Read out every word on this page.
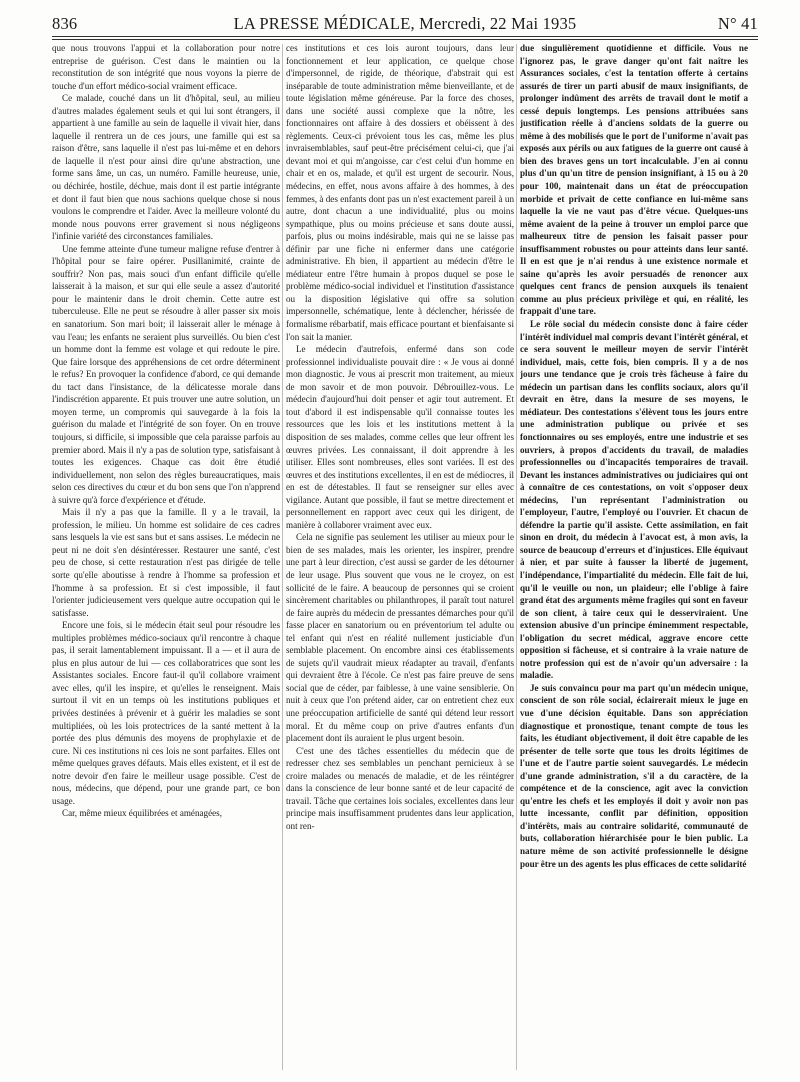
836	LA PRESSE MÉDICALE, Mercredi, 22 Mai 1935	N° 41

que nous trouvons l'appui et la collaboration pour notre entreprise de guérison. C'est dans le maintien ou la reconstitution de son intégrité que nous voyons la pierre de touche d'un effort médico-social vraiment efficace.

Ce malade, couché dans un lit d'hôpital, seul, au milieu d'autres malades également seuls et qui lui sont étrangers, il appartient à une famille au sein de laquelle il vivait hier, dans laquelle il rentrera un de ces jours, une famille qui est sa raison d'être, sans laquelle il n'est pas lui-même et en dehors de laquelle il n'est pour ainsi dire qu'une abstraction, une forme sans âme, un cas, un numéro. Famille heureuse, unie, ou déchirée, hostile, déchue, mais dont il est partie intégrante et dont il faut bien que nous sachions quelque chose si nous voulons le comprendre et l'aider. Avec la meilleure volonté du monde nous pouvons errer gravement si nous négligeons l'infinie variété des circonstances familiales.

Une femme atteinte d'une tumeur maligne refuse d'entrer à l'hôpital pour se faire opérer. Pusillanimité, crainte de souffrir? Non pas, mais souci d'un enfant difficile qu'elle laisserait à la maison, et sur qui elle seule a assez d'autorité pour le maintenir dans le droit chemin. Cette autre est tuberculeuse. Elle ne peut se résoudre à aller passer six mois en sanatorium. Son mari boit; il laisserait aller le ménage à vau l'eau; les enfants ne seraient plus surveillés. Ou bien c'est un homme dont la femme est volage et qui redoute le pire. Que faire lorsque des appréhensions de cet ordre déterminent le refus? En provoquer la confidence d'abord, ce qui demande du tact dans l'insistance, de la délicatesse morale dans l'indiscrétion apparente. Et puis trouver une autre solution, un moyen terme, un compromis qui sauvegarde à la fois la guérison du malade et l'intégrité de son foyer. On en trouve toujours, si difficile, si impossible que cela paraisse parfois au premier abord. Mais il n'y a pas de solution type, satisfaisant à toutes les exigences. Chaque cas doit être étudié individuellement, non selon des règles bureaucratiques, mais selon ces directives du cœur et du bon sens que l'on n'apprend à suivre qu'à force d'expérience et d'étude.

Mais il n'y a pas que la famille. Il y a le travail, la profession, le milieu. Un homme est solidaire de ces cadres sans lesquels la vie est sans but et sans assises. Le médecin ne peut ni ne doit s'en désintéresser. Restaurer une santé, c'est peu de chose, si cette restauration n'est pas dirigée de telle sorte qu'elle aboutisse à rendre à l'homme sa profession et l'homme à sa profession. Et si c'est impossible, il faut l'orienter judicieusement vers quelque autre occupation qui le satisfasse.

Encore une fois, si le médecin était seul pour résoudre les multiples problèmes médico-sociaux qu'il rencontre à chaque pas, il serait lamentablement impuissant. Il a — et il aura de plus en plus autour de lui — ces collaboratrices que sont les Assistantes sociales. Encore faut-il qu'il collabore vraiment avec elles, qu'il les inspire, et qu'elles le renseignent. Mais surtout il vit en un temps où les institutions publiques et privées destinées à prévenir et à guérir les maladies se sont multipliées, où les lois protectrices de la santé mettent à la portée des plus démunis des moyens de prophylaxie et de cure. Ni ces institutions ni ces lois ne sont parfaites. Elles ont même quelques graves défauts. Mais elles existent, et il est de notre devoir d'en faire le meilleur usage possible. C'est de nous, médecins, que dépend, pour une grande part, ce bon usage.

Car, même mieux équilibrées et aménagées,

ces institutions et ces lois auront toujours, dans leur fonctionnement et leur application, ce quelque chose d'impersonnel, de rigide, de théorique, d'abstrait qui est inséparable de toute administration même bienveillante, et de toute législation même généreuse. Par la force des choses, dans une société aussi complexe que la nôtre, les fonctionnaires ont affaire à des dossiers et obéissent à des règlements. Ceux-ci prévoient tous les cas, même les plus invraisemblables, sauf peut-être précisément celui-ci, que j'ai devant moi et qui m'angoisse, car c'est celui d'un homme en chair et en os, malade, et qu'il est urgent de secourir. Nous, médecins, en effet, nous avons affaire à des hommes, à des femmes, à des enfants dont pas un n'est exactement pareil à un autre, dont chacun a une individualité, plus ou moins sympathique, plus ou moins précieuse et sans doute aussi, parfois, plus ou moins indésirable, mais qui ne se laisse pas définir par une fiche ni enfermer dans une catégorie administrative. Eh bien, il appartient au médecin d'être le médiateur entre l'être humain à propos duquel se pose le problème médico-social individuel et l'institution d'assistance ou la disposition législative qui offre sa solution impersonnelle, schématique, lente à déclencher, hérissée de formalisme rébarbatif, mais efficace pourtant et bienfaisante si l'on sait la manier.

Le médecin d'autrefois, enfermé dans son code professionnel individualiste pouvait dire : « Je vous ai donné mon diagnostic. Je vous ai prescrit mon traitement, au mieux de mon savoir et de mon pouvoir. Débrouillez-vous. Le médecin d'aujourd'hui doit penser et agir tout autrement. Et tout d'abord il est indispensable qu'il connaisse toutes les ressources que les lois et les institutions mettent à la disposition de ses malades, comme celles que leur offrent les œuvres privées. Les connaissant, il doit apprendre à les utiliser. Elles sont nombreuses, elles sont variées. Il est des œuvres et des institutions excellentes, il en est de médiocres, il en est de détestables. Il faut se renseigner sur elles avec vigilance. Autant que possible, il faut se mettre directement et personnellement en rapport avec ceux qui les dirigent, de manière à collaborer vraiment avec eux.

Cela ne signifie pas seulement les utiliser au mieux pour le bien de ses malades, mais les orienter, les inspirer, prendre une part à leur direction, c'est aussi se garder de les détourner de leur usage. Plus souvent que vous ne le croyez, on est sollicité de le faire. A beaucoup de personnes qui se croient sincèrement charitables ou philanthropes, il paraît tout naturel de faire auprès du médecin de pressantes démarches pour qu'il fasse placer en sanatorium ou en préventorium tel adulte ou tel enfant qui n'est en réalité nullement justiciable d'un semblable placement. On encombre ainsi ces établissements de sujets qu'il vaudrait mieux réadapter au travail, d'enfants qui devraient être à l'école. Ce n'est pas faire preuve de sens social que de céder, par faiblesse, à une vaine sensiblerie. On nuit à ceux que l'on prétend aider, car on entretient chez eux une préoccupation artificielle de santé qui détend leur ressort moral. Et du même coup on prive d'autres enfants d'un placement dont ils auraient le plus urgent besoin.

C'est une des tâches essentielles du médecin que de redresser chez ses semblables un penchant pernicieux à se croire malades ou menacés de maladie, et de les réintégrer dans la conscience de leur bonne santé et de leur capacité de travail. Tâche que certaines lois sociales, excellentes dans leur principe mais insuffisamment prudentes dans leur application, ont ren-

due singulièrement quotidienne et difficile. Vous ne l'ignorez pas, le grave danger qu'ont fait naître les Assurances sociales, c'est la tentation offerte à certains assurés de tirer un parti abusif de maux insignifiants, de prolonger indûment des arrêts de travail dont le motif a cessé depuis longtemps. Les pensions attribuées sans justification réelle à d'anciens soldats de la guerre ou même à des mobilisés que le port de l'uniforme n'avait pas exposés aux périls ou aux fatigues de la guerre ont causé à bien des braves gens un tort incalculable. J'en ai connu plus d'un qu'un titre de pension insignifiant, à 15 ou à 20 pour 100, maintenait dans un état de préoccupation morbide et privait de cette confiance en lui-même sans laquelle la vie ne vaut pas d'être vécue. Quelques-uns même avaient de la peine à trouver un emploi parce que malheureux titre de pension les faisait passer pour insuffisamment robustes ou pour atteints dans leur santé. Il en est que je n'ai rendus à une existence normale et saine qu'après les avoir persuadés de renoncer aux quelques cent francs de pension auxquels ils tenaient comme au plus précieux privilège et qui, en réalité, les frappait d'une tare.

Le rôle social du médecin consiste donc à faire céder l'intérêt individuel mal compris devant l'intérêt général, et ce sera souvent le meilleur moyen de servir l'intérêt individuel, mais, cette fois, bien compris. Il y a de nos jours une tendance que je crois très fâcheuse à faire du médecin un partisan dans les conflits sociaux, alors qu'il devrait en être, dans la mesure de ses moyens, le médiateur. Des contestations s'élèvent tous les jours entre une administration publique ou privée et ses fonctionnaires ou ses employés, entre une industrie et ses ouvriers, à propos d'accidents du travail, de maladies professionnelles ou d'incapacités temporaires de travail. Devant les instances administratives ou judiciaires qui ont à connaître de ces contestations, on voit s'opposer deux médecins, l'un représentant l'administration ou l'employeur, l'autre, l'employé ou l'ouvrier. Et chacun de défendre la partie qu'il assiste. Cette assimilation, en fait sinon en droit, du médecin à l'avocat est, à mon avis, la source de beaucoup d'erreurs et d'injustices. Elle équivaut à nier, et par suite à fausser la liberté de jugement, l'indépendance, l'impartialité du médecin. Elle fait de lui, qu'il le veuille ou non, un plaideur; elle l'oblige à faire grand état des arguments même fragiles qui sont en faveur de son client, à taire ceux qui le desserviraient. Une extension abusive d'un principe éminemment respectable, l'obligation du secret médical, aggrave encore cette opposition si fâcheuse, et si contraire à la vraie nature de notre profession qui est de n'avoir qu'un adversaire : la maladie.

Je suis convaincu pour ma part qu'un médecin unique, conscient de son rôle social, éclairerait mieux le juge en vue d'une décision équitable. Dans son appréciation diagnostique et pronostique, tenant compte de tous les faits, les étudiant objectivement, il doit être capable de les présenter de telle sorte que tous les droits légitimes de l'une et de l'autre partie soient sauvegardés. Le médecin d'une grande administration, s'il a du caractère, de la compétence et de la conscience, agit avec la conviction qu'entre les chefs et les employés il doit y avoir non pas lutte incessante, conflit par définition, opposition d'intérêts, mais au contraire solidarité, communauté de buts, collaboration hiérarchisée pour le bien public. La nature même de son activité professionnelle le désigne pour être un des agents les plus efficaces de cette solidarité
